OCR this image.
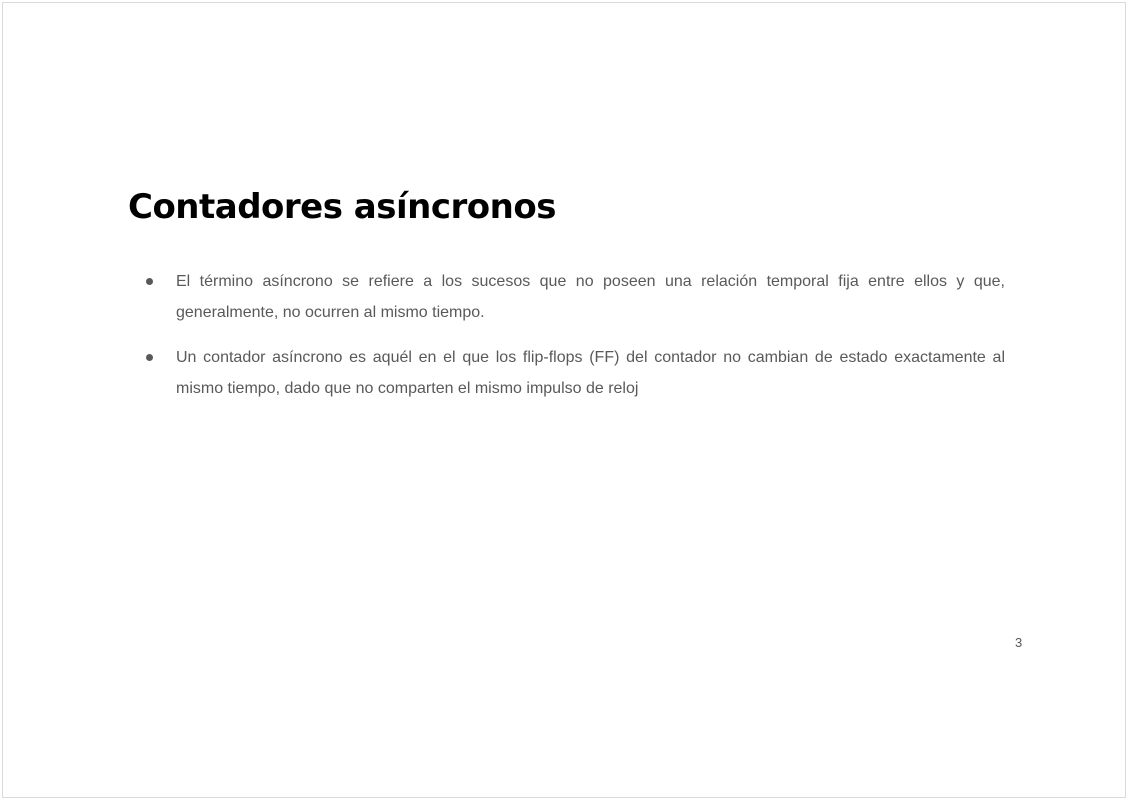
Contadores asíncronos
El término asíncrono se refiere a los sucesos que no poseen una relación temporal fija entre ellos y que, generalmente, no ocurren al mismo tiempo.
Un contador asíncrono es aquél en el que los flip-flops (FF) del contador no cambian de estado exactamente al mismo tiempo, dado que no comparten el mismo impulso de reloj
3
